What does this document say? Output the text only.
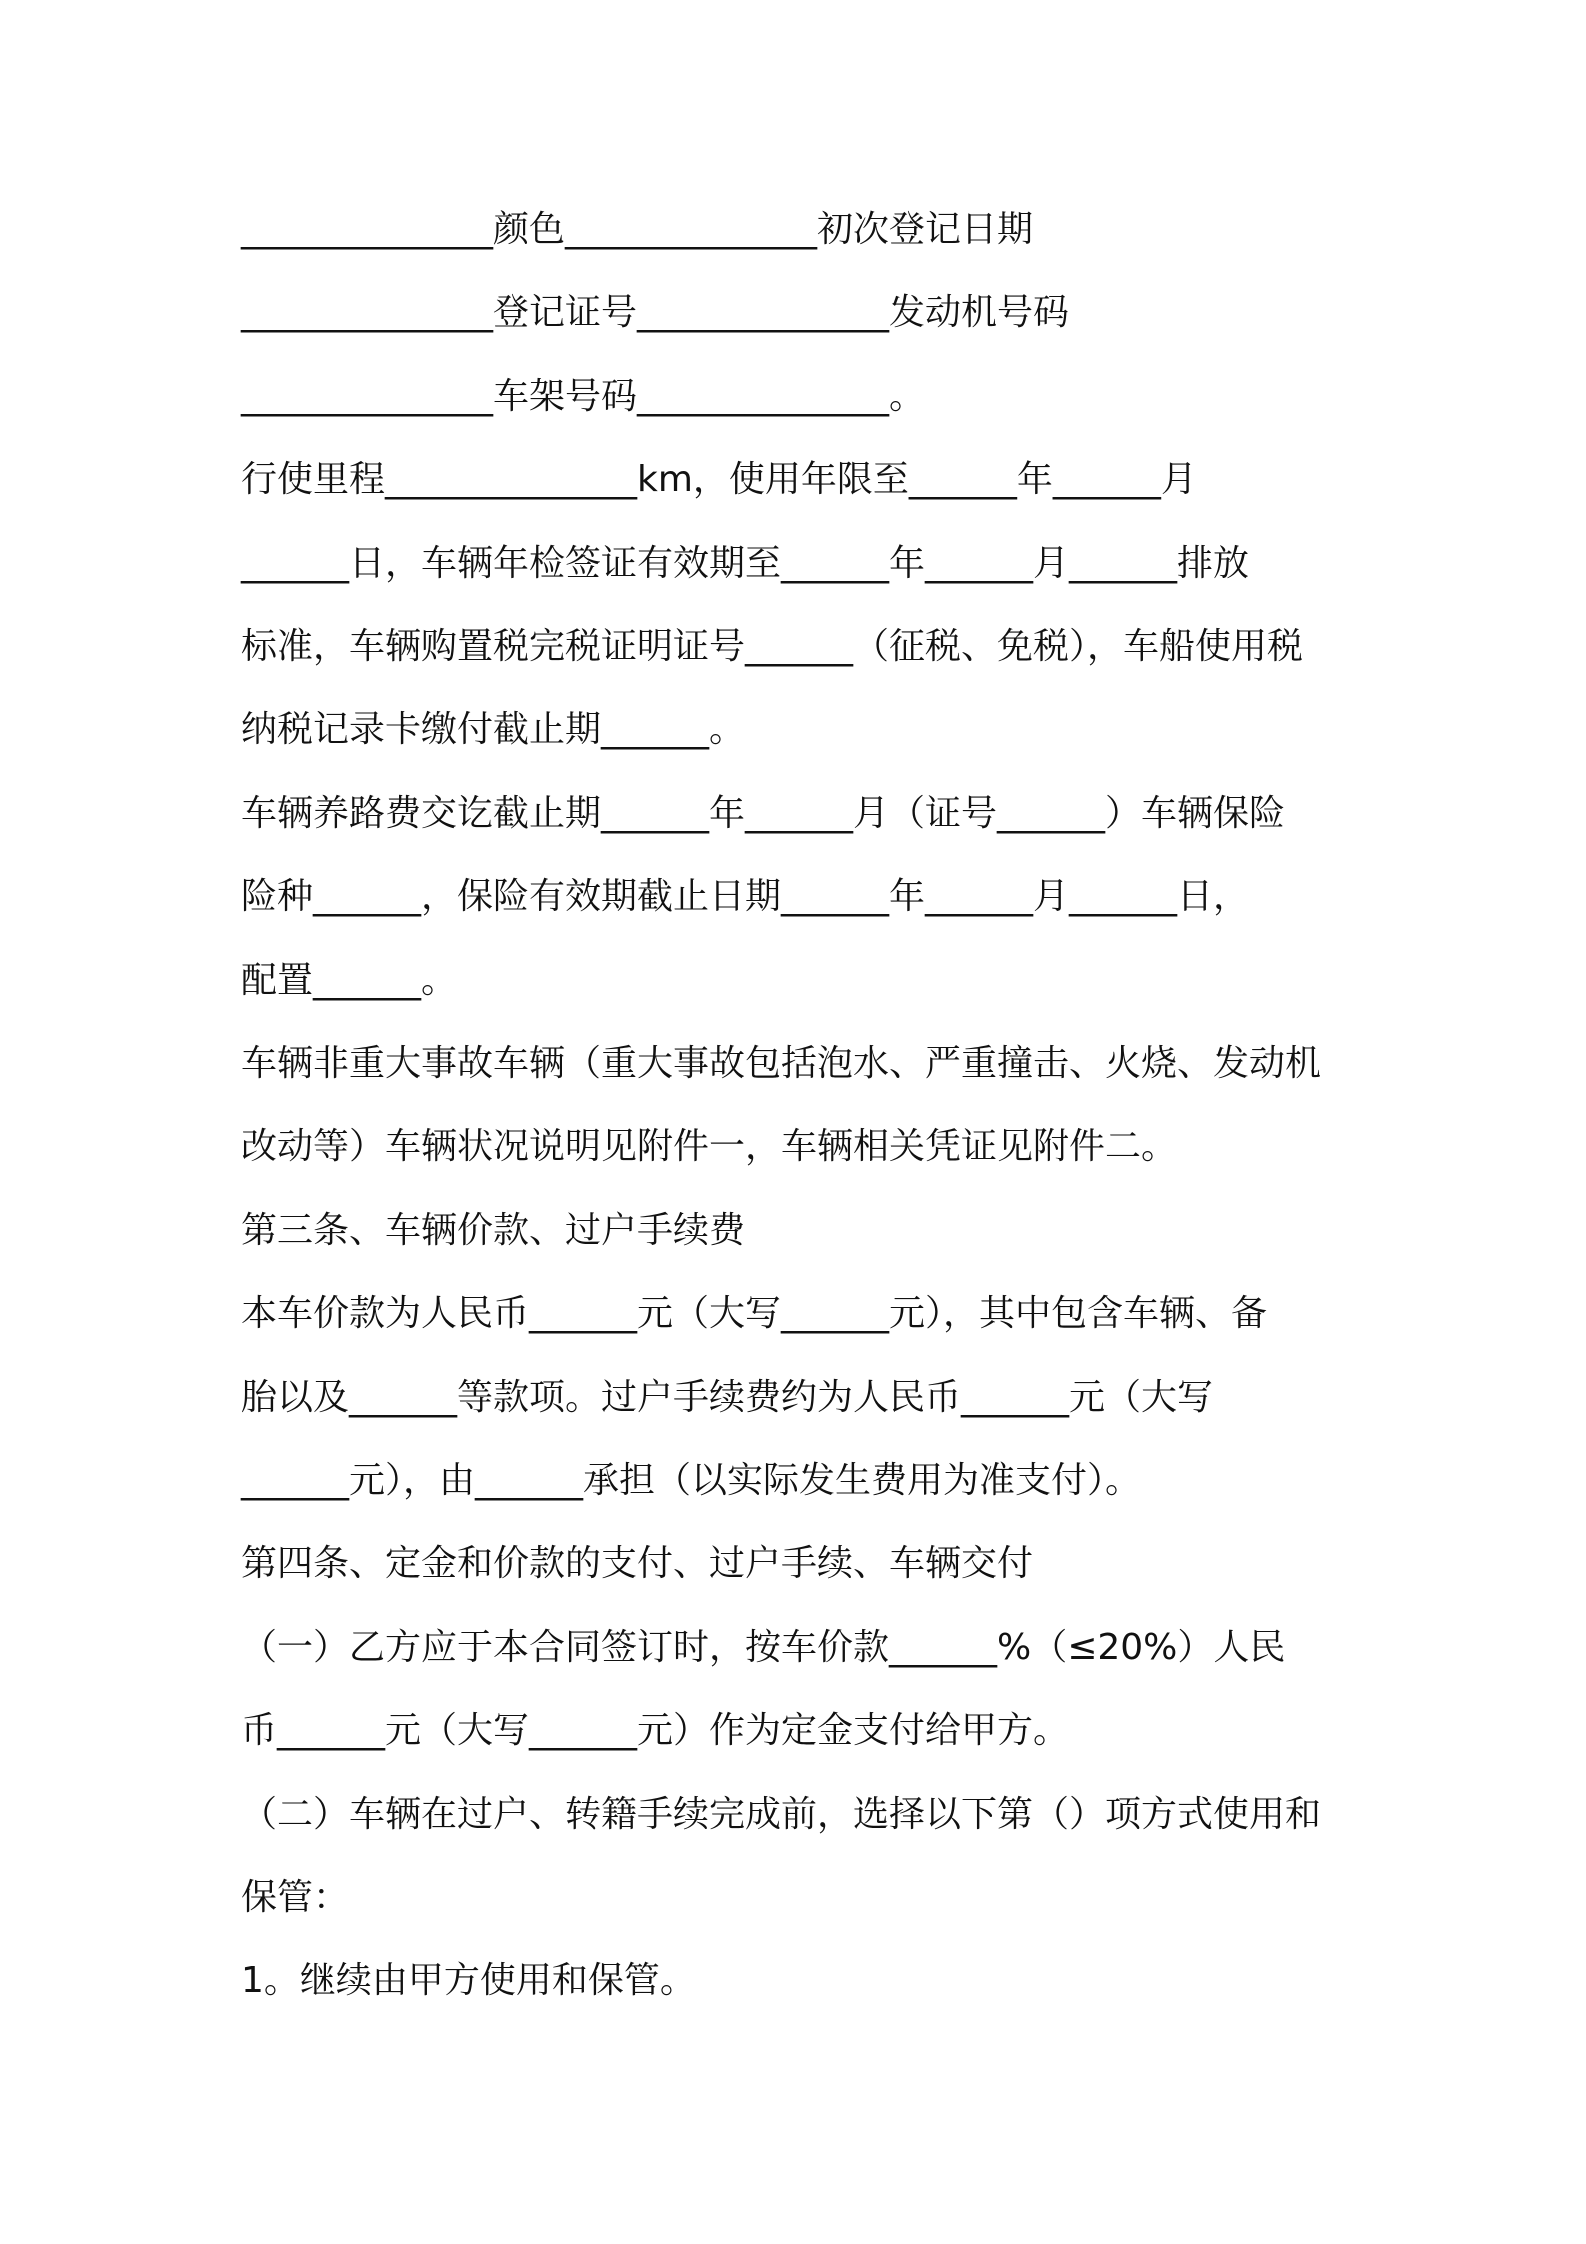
______________颜色______________初次登记日期
______________登记证号______________发动机号码
______________车架号码______________。
行使里程______________km，使用年限至______年______月
______日，车辆年检签证有效期至______年______月______排放
标准，车辆购置税完税证明证号______（征税、免税），车船使用税
纳税记录卡缴付截止期______。
车辆养路费交讫截止期______年______月（证号______）车辆保险
险种______，保险有效期截止日期______年______月______日，
配置______。
车辆非重大事故车辆（重大事故包括泡水、严重撞击、火烧、发动机
改动等）车辆状况说明见附件一，车辆相关凭证见附件二。
第三条、车辆价款、过户手续费
本车价款为人民币______元（大写______元），其中包含车辆、备
胎以及______等款项。过户手续费约为人民币______元（大写
______元），由______承担（以实际发生费用为准支付）。
第四条、定金和价款的支付、过户手续、车辆交付
（一）乙方应于本合同签订时，按车价款______%（≤20%）人民
币______元（大写______元）作为定金支付给甲方。
（二）车辆在过户、转籍手续完成前，选择以下第（）项方式使用和
保管：
1。继续由甲方使用和保管。
